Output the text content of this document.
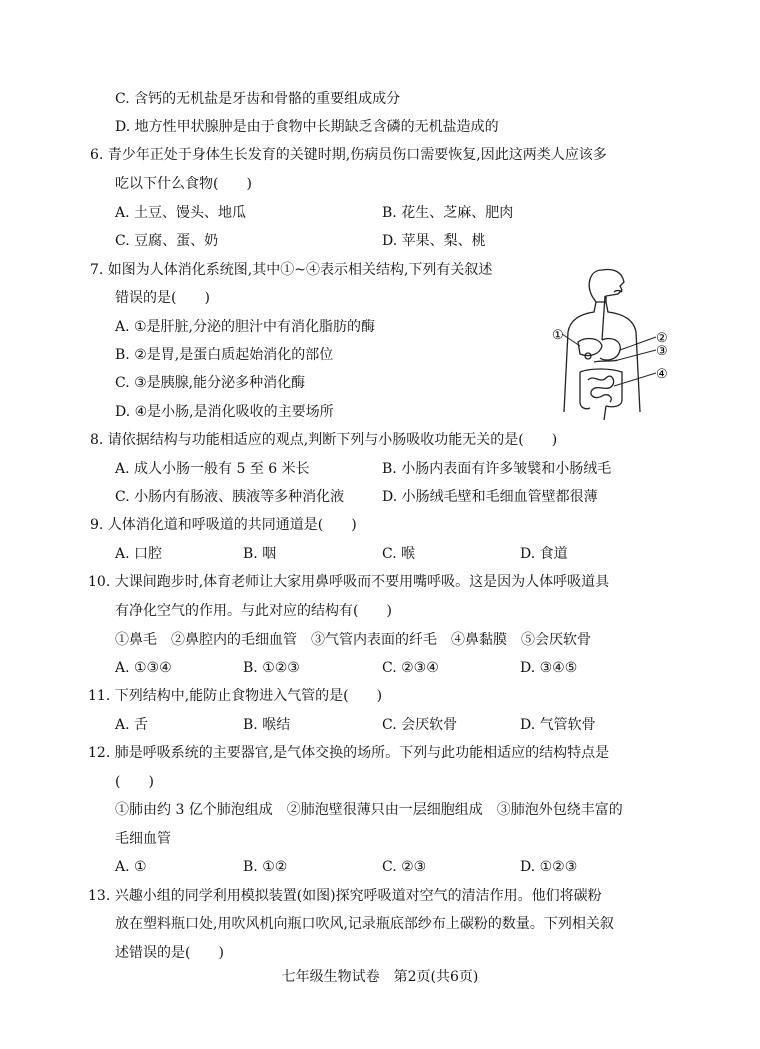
C. 含钙的无机盐是牙齿和骨骼的重要组成成分
D. 地方性甲状腺肿是由于食物中长期缺乏含磷的无机盐造成的
6. 青少年正处于身体生长发育的关键时期,伤病员伤口需要恢复,因此这两类人应该多
吃以下什么食物(　　)
A. 土豆、馒头、地瓜	B. 花生、芝麻、肥肉
C. 豆腐、蛋、奶	D. 苹果、梨、桃
7. 如图为人体消化系统图,其中①~④表示相关结构,下列有关叙述
错误的是(　　)
A. ①是肝脏,分泌的胆汁中有消化脂肪的酶
B. ②是胃,是蛋白质起始消化的部位
C. ③是胰腺,能分泌多种消化酶
D. ④是小肠,是消化吸收的主要场所
①	②
③
④
8. 请依据结构与功能相适应的观点,判断下列与小肠吸收功能无关的是(　　)
A. 成人小肠一般有 5 至 6 米长	B. 小肠内表面有许多皱襞和小肠绒毛
C. 小肠内有肠液、胰液等多种消化液	D. 小肠绒毛壁和毛细血管壁都很薄
9. 人体消化道和呼吸道的共同通道是(　　)
A. 口腔	B. 咽	C. 喉	D. 食道
10. 大课间跑步时,体育老师让大家用鼻呼吸而不要用嘴呼吸。这是因为人体呼吸道具
有净化空气的作用。与此对应的结构有(　　)
①鼻毛　②鼻腔内的毛细血管　③气管内表面的纤毛　④鼻黏膜　⑤会厌软骨
A. ①③④	B. ①②③	C. ②③④	D. ③④⑤
11. 下列结构中,能防止食物进入气管的是(　　)
A. 舌	B. 喉结	C. 会厌软骨	D. 气管软骨
12. 肺是呼吸系统的主要器官,是气体交换的场所。下列与此功能相适应的结构特点是
(　　)
①肺由约 3 亿个肺泡组成　②肺泡壁很薄只由一层细胞组成　③肺泡外包绕丰富的
毛细血管
A. ①	B. ①②	C. ②③	D. ①②③
13. 兴趣小组的同学利用模拟装置(如图)探究呼吸道对空气的清洁作用。他们将碳粉
放在塑料瓶口处,用吹风机向瓶口吹风,记录瓶底部纱布上碳粉的数量。下列相关叙
述错误的是(　　)
七年级生物试卷　第2页(共6页)
